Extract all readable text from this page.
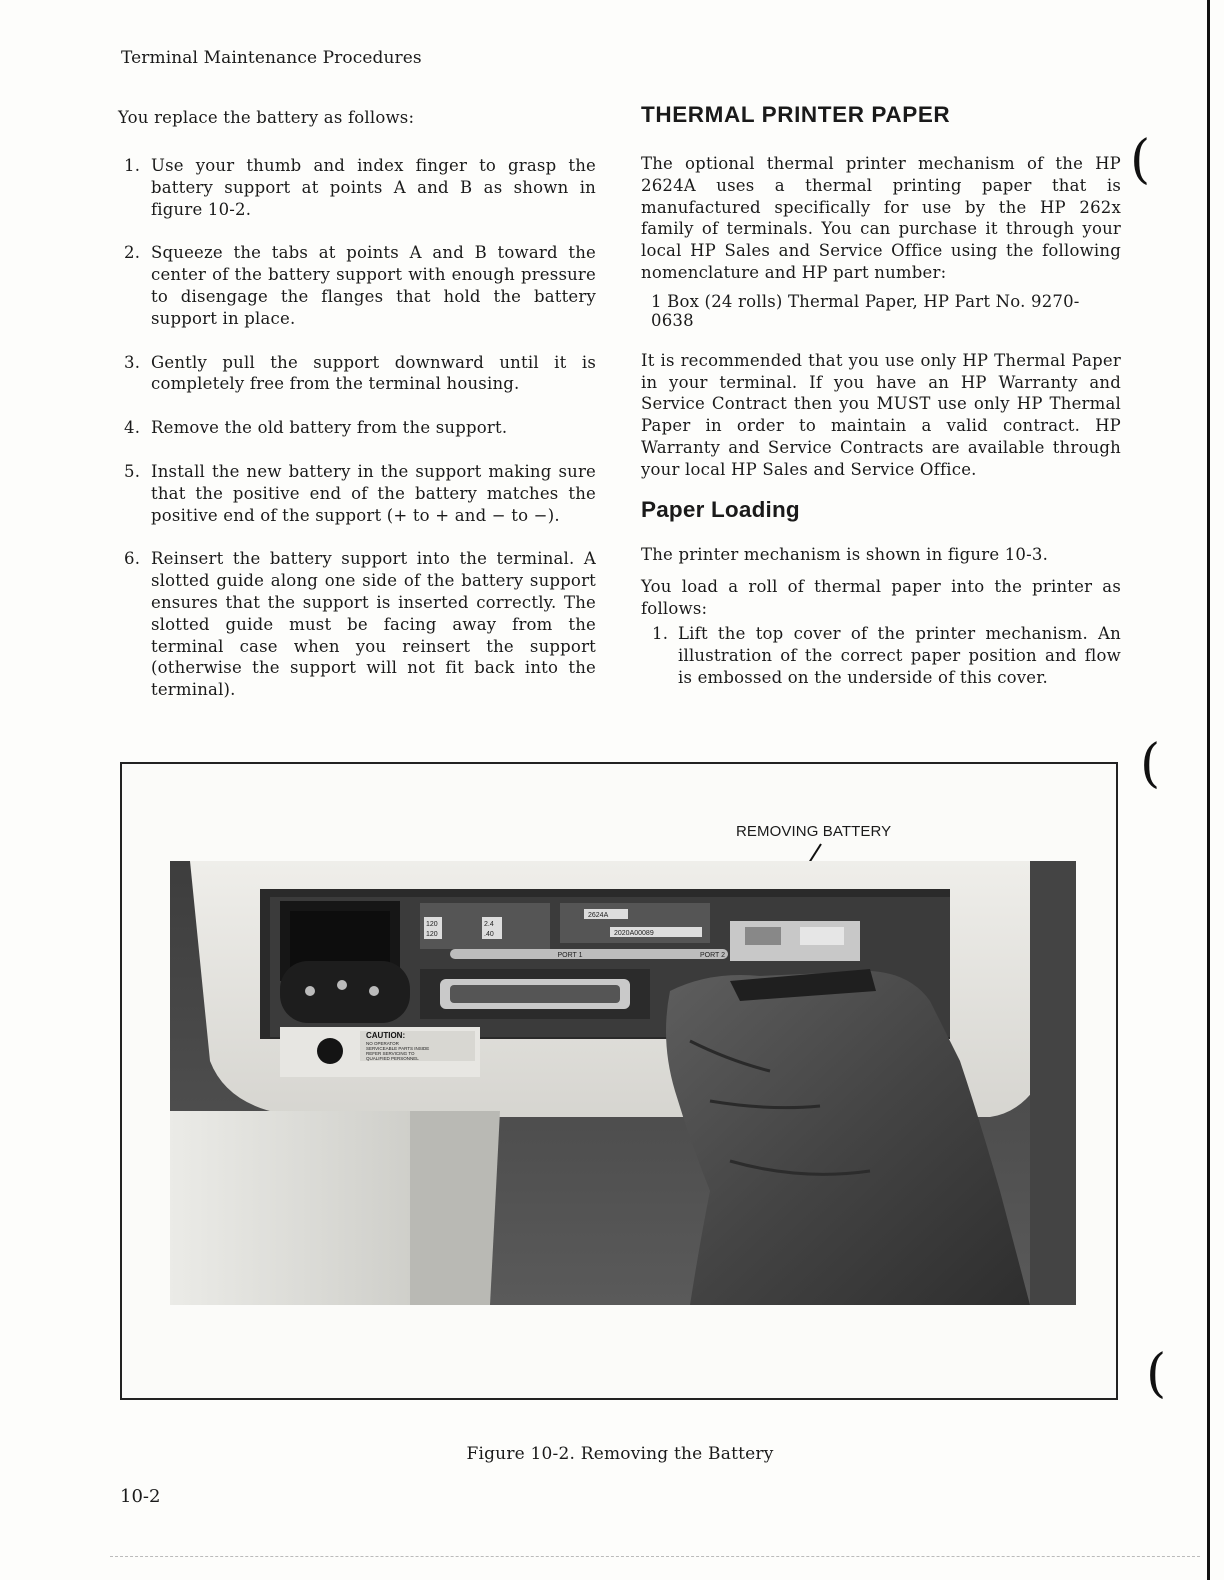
Terminal Maintenance Procedures
(
(
(

You replace the battery as follows:

1. Use your thumb and index finger to grasp the battery support at points A and B as shown in figure 10-2.
2. Squeeze the tabs at points A and B toward the center of the battery support with enough pressure to disengage the flanges that hold the battery support in place.
3. Gently pull the support downward until it is completely free from the terminal housing.
4. Remove the old battery from the support.
5. Install the new battery in the support making sure that the positive end of the battery matches the positive end of the support (+ to + and − to −).
6. Reinsert the battery support into the terminal. A slotted guide along one side of the battery support ensures that the support is inserted correctly. The slotted guide must be facing away from the terminal case when you reinsert the support (otherwise the support will not fit back into the terminal).
THERMAL PRINTER PAPER

The optional thermal printer mechanism of the HP 2624A uses a thermal printing paper that is manufactured specifically for use by the HP 262x family of terminals. You can purchase it through your local HP Sales and Service Office using the following nomenclature and HP part number:

1 Box (24 rolls) Thermal Paper, HP Part No. 9270-0638

It is recommended that you use only HP Thermal Paper in your terminal. If you have an HP Warranty and Service Contract then you MUST use only HP Thermal Paper in order to maintain a valid contract. HP Warranty and Service Contracts are available through your local HP Sales and Service Office.

Paper Loading

The printer mechanism is shown in figure 10-3.

You load a roll of thermal paper into the printer as follows:

1. Lift the top cover of the printer mechanism. An illustration of the correct paper position and flow is embossed on the underside of this cover.
REMOVING BATTERY
120
120
2.4
.40
2624A
2020A00089
PORT 1	PORT 2
CAUTION:
NO OPERATOR
SERVICEABLE PARTS INSIDE
REFER SERVICING TO
QUALIFIED PERSONNEL
Figure 10-2. Removing the Battery
10-2
